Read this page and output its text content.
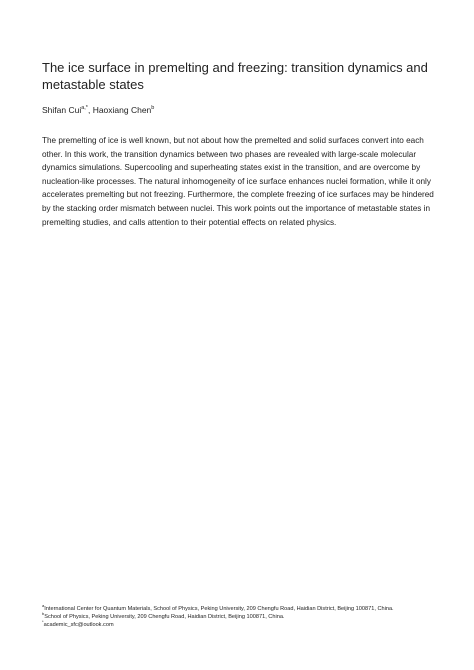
The ice surface in premelting and freezing: transition dynamics and metastable states

Shifan Cui$^{a,*}$, Haoxiang Chen$^b$

The premelting of ice is well known, but not about how the premelted and solid surfaces convert into each other. In this work, the transition dynamics between two phases are revealed with large-scale molecular dynamics simulations. Supercooling and superheating states exist in the transition, and are overcome by nucleation-like processes. The natural inhomogeneity of ice surface enhances nuclei formation, while it only accelerates premelting but not freezing. Furthermore, the complete freezing of ice surfaces may be hindered by the stacking order mismatch between nuclei. This work points out the importance of metastable states in premelting studies, and calls attention to their potential effects on related physics.

$^a$International Center for Quantum Materials, School of Physics, Peking University, 209 Chengfu Road, Haidian District, Beijing 100871, China.
$^b$School of Physics, Peking University, 209 Chengfu Road, Haidian District, Beijing 100871, China.
*academic_sfc@outlook.com
